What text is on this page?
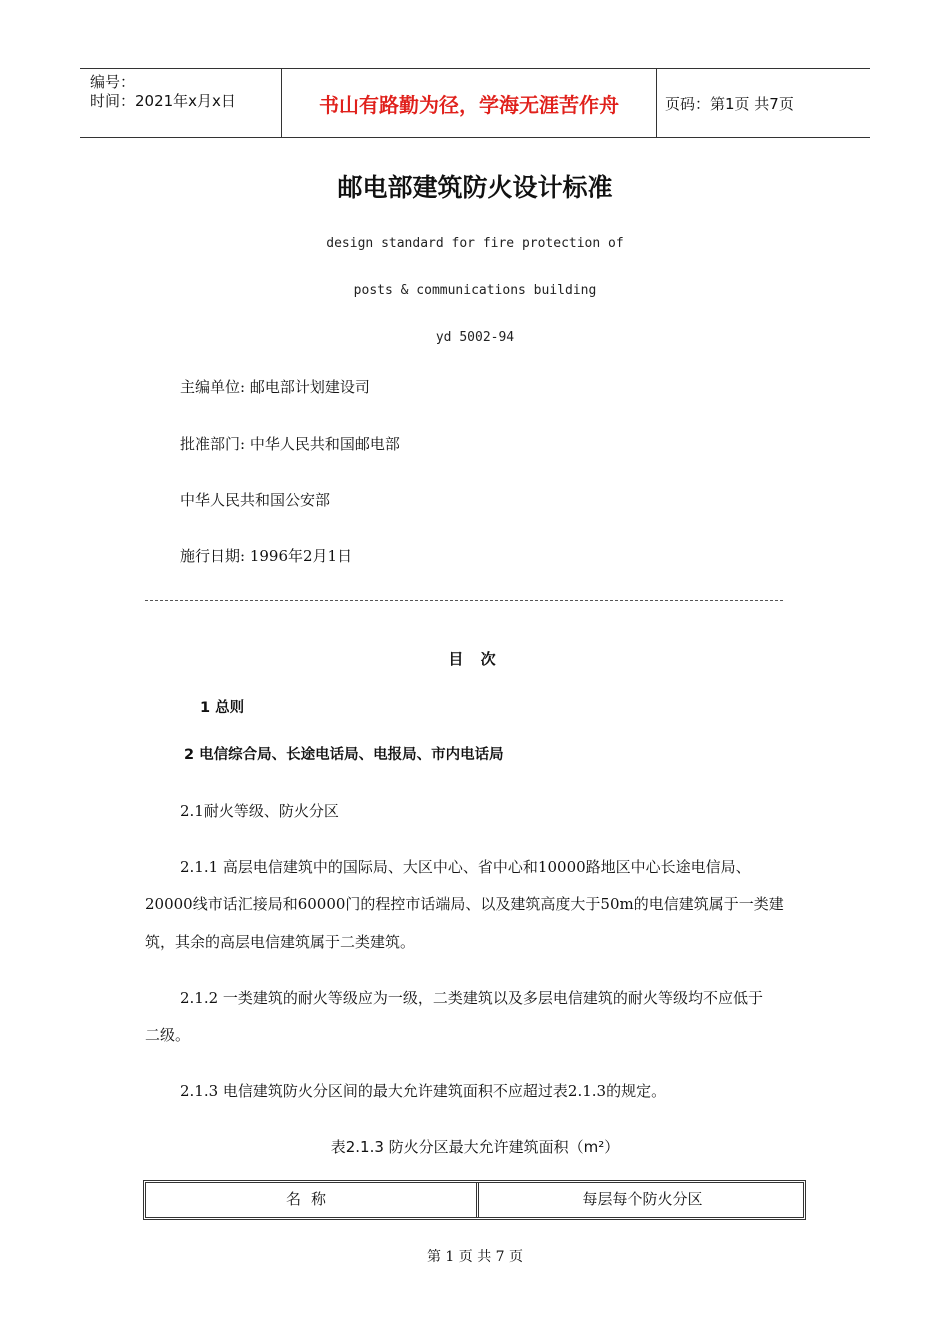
编号：
时间：2021年x月x日	书山有路勤为径，学海无涯苦作舟	页码：第1页 共7页
邮电部建筑防火设计标准
design standard for fire protection of
posts & communications building
yd 5002-94
主编单位: 邮电部计划建设司
批准部门: 中华人民共和国邮电部
中华人民共和国公安部
施行日期: 1996年2月1日
目 次
1 总则
2 电信综合局、长途电话局、电报局、市内电话局
2.1耐火等级、防火分区
2.1.1 高层电信建筑中的国际局、大区中心、省中心和10000路地区中心长途电信局、
20000线市话汇接局和60000门的程控市话端局、以及建筑高度大于50m的电信建筑属于一类建
筑，其余的高层电信建筑属于二类建筑。
2.1.2 一类建筑的耐火等级应为一级，二类建筑以及多层电信建筑的耐火等级均不应低于
二级。
2.1.3 电信建筑防火分区间的最大允许建筑面积不应超过表2.1.3的规定。
表2.1.3 防火分区最大允许建筑面积（m²）
名称	每层每个防火分区
第 1 页 共 7 页
